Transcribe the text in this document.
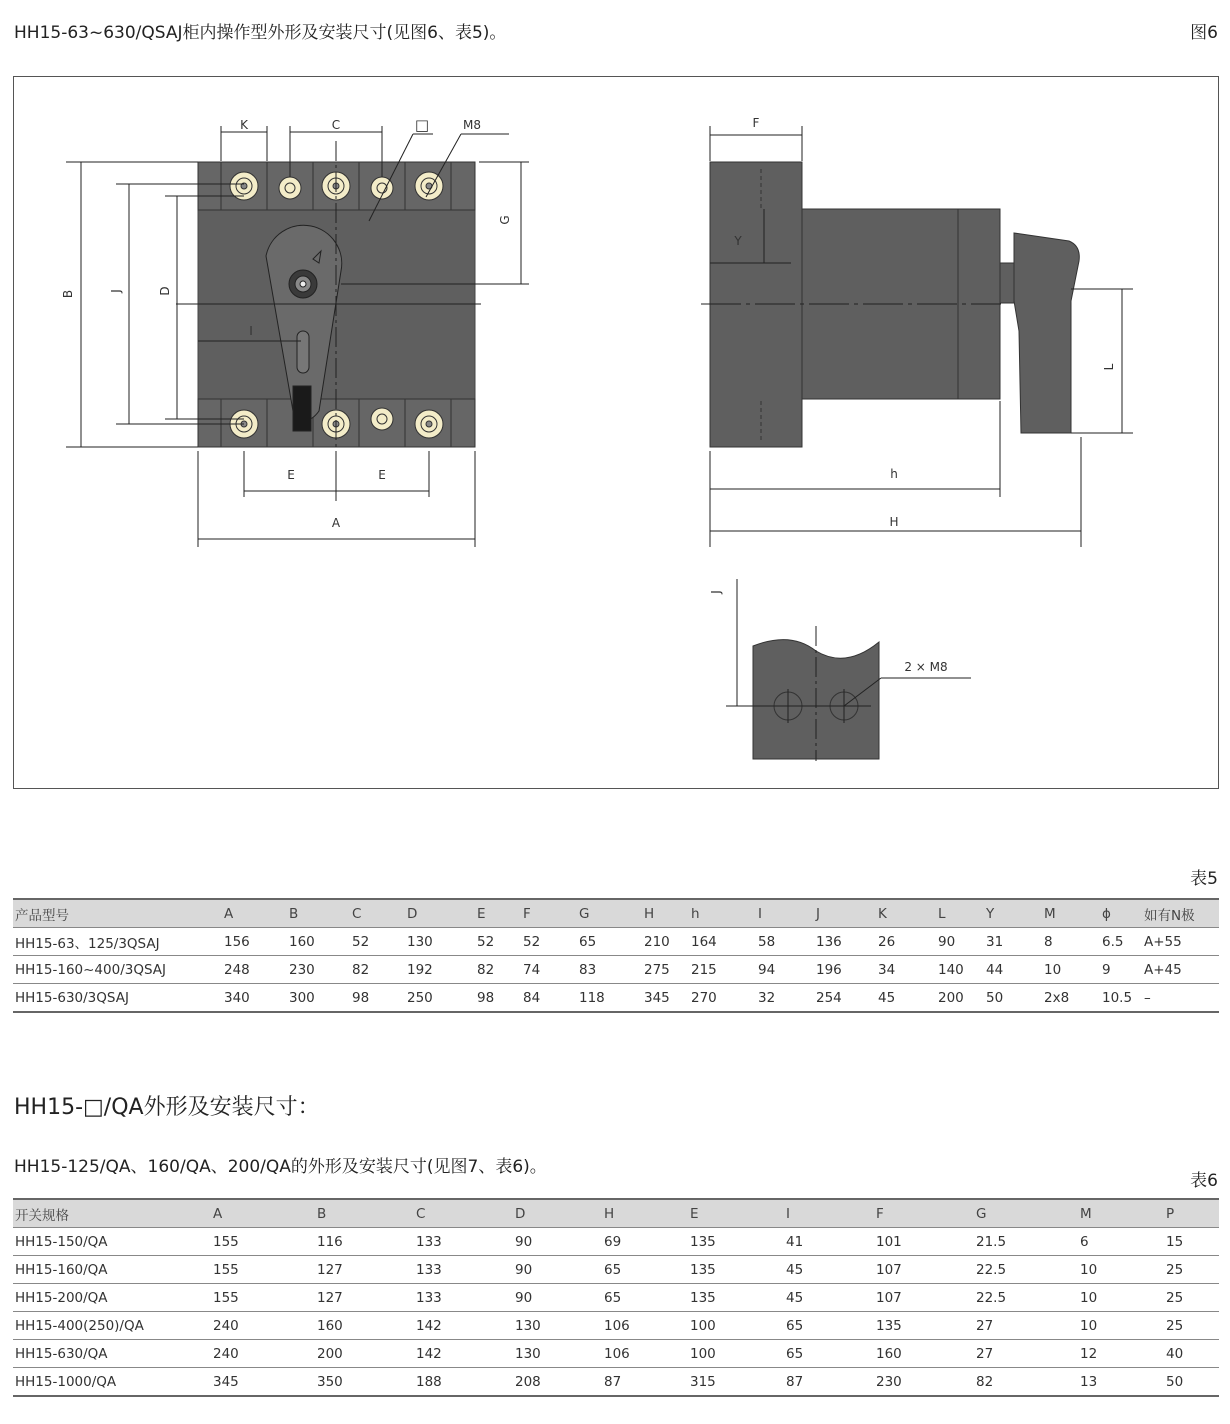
HH15-63~630/QSAJ柜内操作型外形及安装尺寸(见图6、表5)。	图6
K	C	□	M8
B	J	D
I
G
E	E
A
F
Y
L
h
H
J
2 × M8
表5
产品型号	A	B	C	D	E	F	G	H	h	I	J	K	L	Y	M	ϕ	如有N极
HH15-63、125/3QSAJ	156	160	52	130	52	52	65	210	164	58	136	26	90	31	8	6.5	A+55
HH15-160~400/3QSAJ	248	230	82	192	82	74	83	275	215	94	196	34	140	44	10	9	A+45
HH15-630/3QSAJ	340	300	98	250	98	84	118	345	270	32	254	45	200	50	2x8	10.5	–
HH15-□/QA外形及安装尺寸：
HH15-125/QA、160/QA、200/QA的外形及安装尺寸(见图7、表6)。
表6
开关规格	A	B	C	D	H	E	I	F	G	M	P
HH15-150/QA	155	116	133	90	69	135	41	101	21.5	6	15
HH15-160/QA	155	127	133	90	65	135	45	107	22.5	10	25
HH15-200/QA	155	127	133	90	65	135	45	107	22.5	10	25
HH15-400(250)/QA	240	160	142	130	106	100	65	135	27	10	25
HH15-630/QA	240	200	142	130	106	100	65	160	27	12	40
HH15-1000/QA	345	350	188	208	87	315	87	230	82	13	50
